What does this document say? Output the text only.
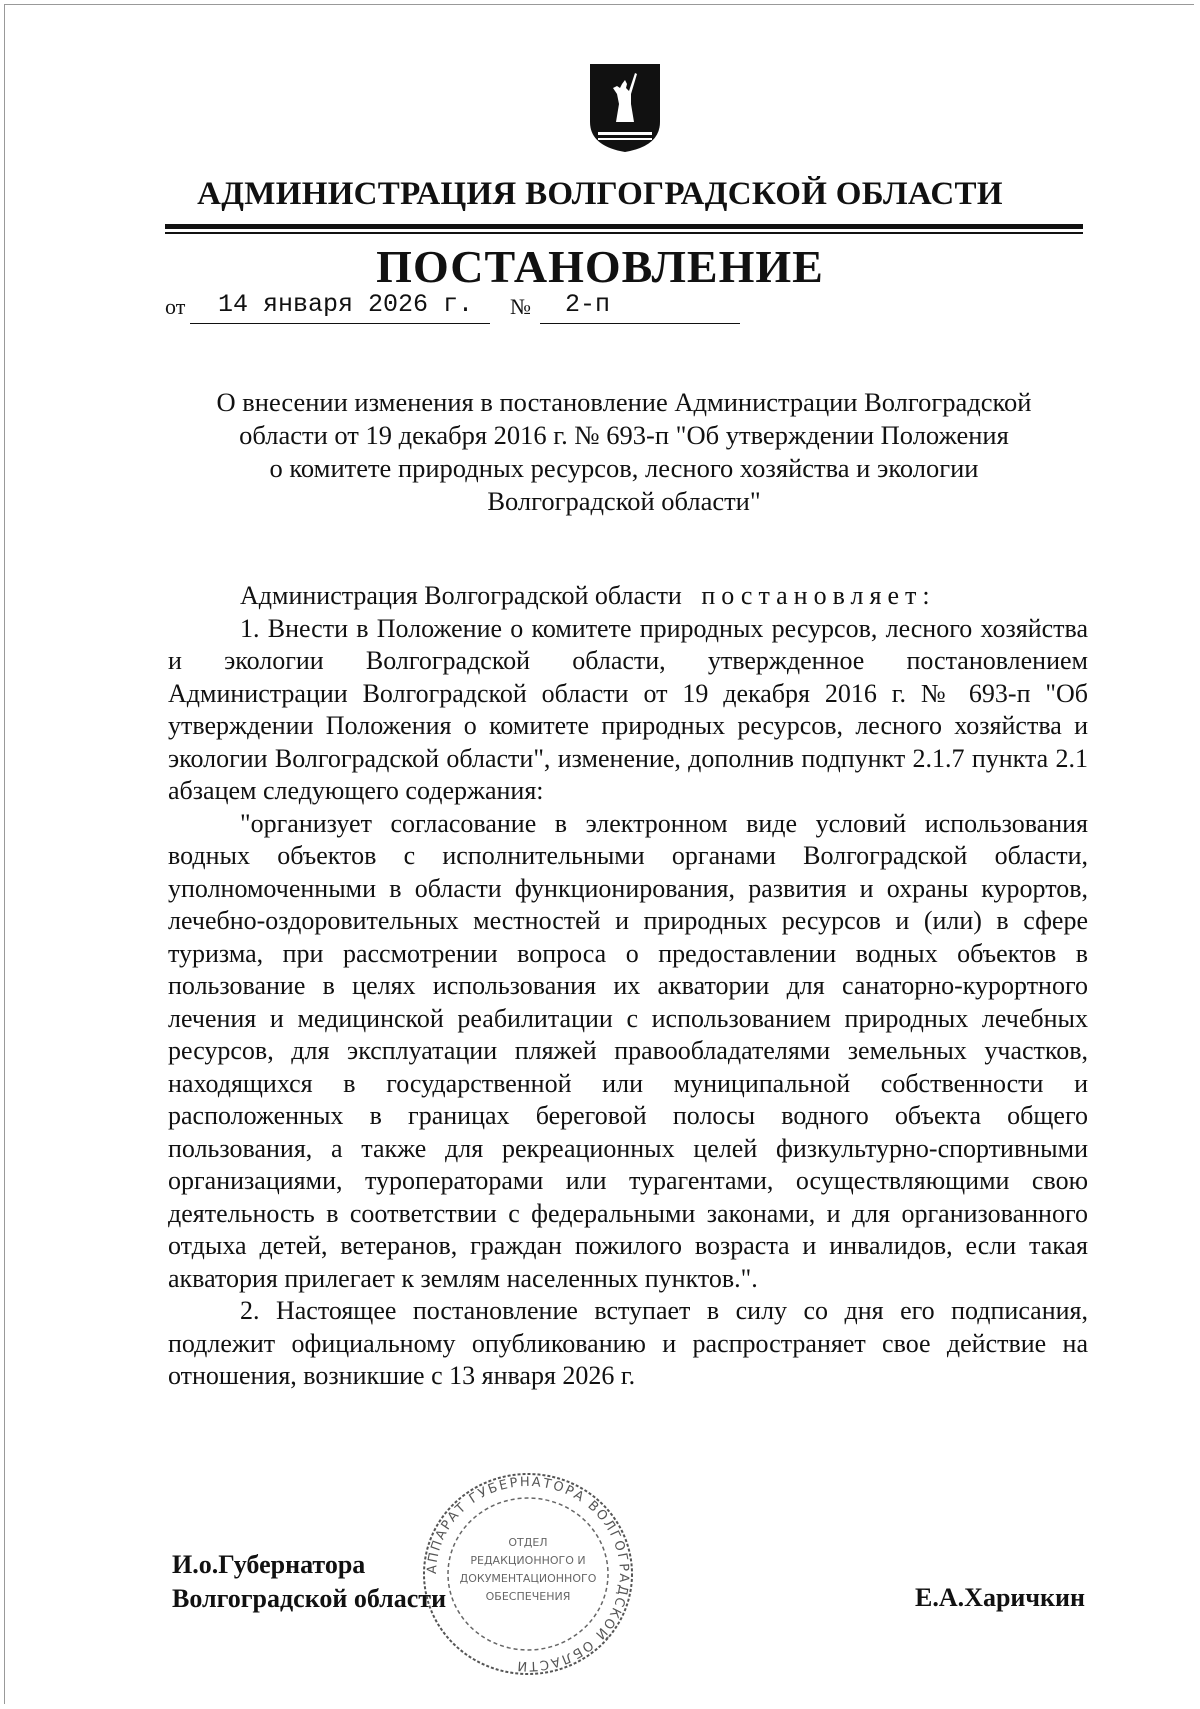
АДМИНИСТРАЦИЯ ВОЛГОГРАДСКОЙ ОБЛАСТИ
ПОСТАНОВЛЕНИЕ
от	14 января 2026 г.	№	2-п
О внесении изменения в постановление Администрации Волгоградской
области от 19 декабря 2016 г. № 693-п "Об утверждении Положения
о комитете природных ресурсов, лесного хозяйства и экологии
Волгоградской области"

Администрация Волгоградской области постановляет:

1. Внести в Положение о комитете природных ресурсов, лесного хозяйства и экологии Волгоградской области, утвержденное постановлением Администрации Волгоградской области от 19 декабря 2016 г. № 693-п "Об утверждении Положения о комитете природных ресурсов, лесного хозяйства и экологии Волгоградской области", изменение, дополнив подпункт 2.1.7 пункта 2.1 абзацем следующего содержания:

"организует согласование в электронном виде условий использования водных объектов с исполнительными органами Волгоградской области, уполномоченными в области функционирования, развития и охраны курортов, лечебно-оздоровительных местностей и природных ресурсов и (или) в сфере туризма, при рассмотрении вопроса о предоставлении водных объектов в пользование в целях использования их акватории для санаторно-курортного лечения и медицинской реабилитации с использованием природных лечебных ресурсов, для эксплуатации пляжей правообладателями земельных участков, находящихся в государственной или муниципальной собственности и расположенных в границах береговой полосы водного объекта общего пользования, а также для рекреационных целей физкультурно-спортивными организациями, туроператорами или турагентами, осуществляющими свою деятельность в соответствии с федеральными законами, и для организованного отдыха детей, ветеранов, граждан пожилого возраста и инвалидов, если такая акватория прилегает к землям населенных пунктов.".

2. Настоящее постановление вступает в силу со дня его подписания, подлежит официальному опубликованию и распространяет свое действие на отношения, возникшие с 13 января 2026 г.

И.о.Губернатора
Волгоградской области	Е.А.Харичкин
АППАРАТ ГУБЕРНАТОРА ВОЛГОГРАДСКОЙ ОБЛАСТИ
ОТДЕЛ
РЕДАКЦИОННОГО И
ДОКУМЕНТАЦИОННОГО
ОБЕСПЕЧЕНИЯ
